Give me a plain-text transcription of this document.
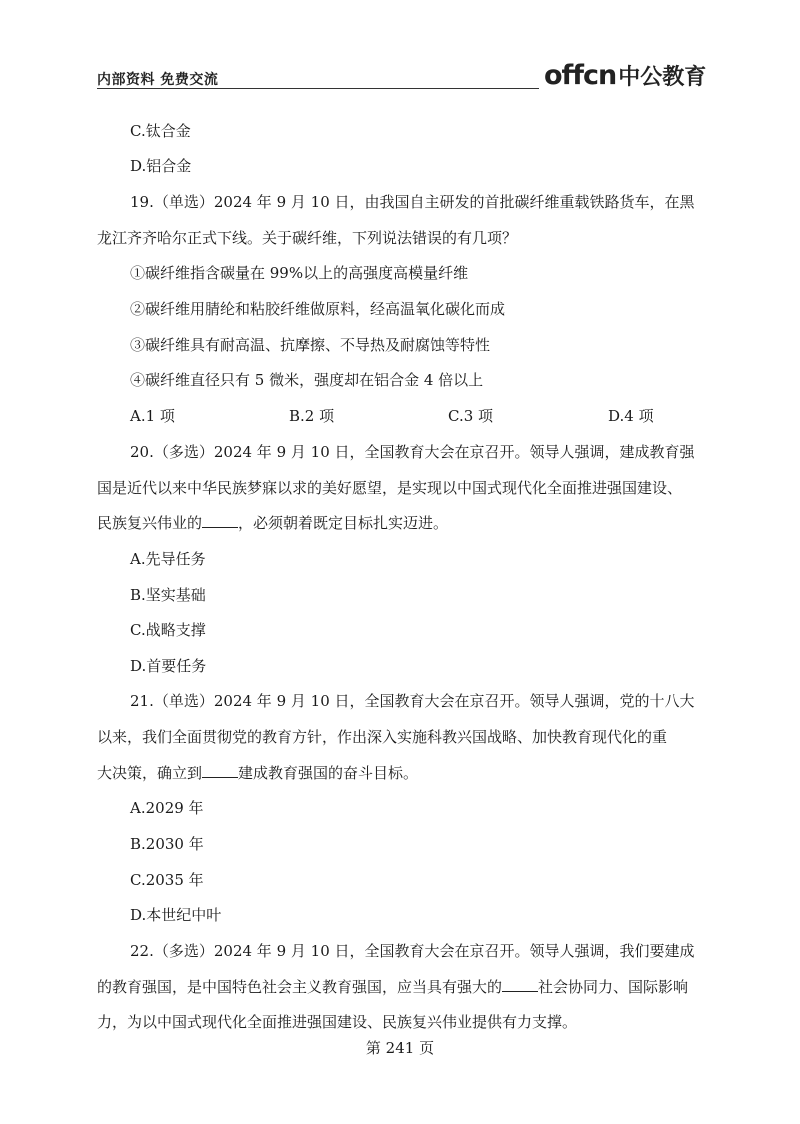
内部资料 免费交流	offcn中公教育
C.钛合金
D.铝合金
19.（单选）2024 年 9 月 10 日，由我国自主研发的首批碳纤维重载铁路货车，在黑
龙江齐齐哈尔正式下线。关于碳纤维，下列说法错误的有几项？
①碳纤维指含碳量在 99%以上的高强度高模量纤维
②碳纤维用腈纶和粘胶纤维做原料，经高温氧化碳化而成
③碳纤维具有耐高温、抗摩擦、不导热及耐腐蚀等特性
④碳纤维直径只有 5 微米，强度却在铝合金 4 倍以上
A.1 项	B.2 项	C.3 项	D.4 项
20.（多选）2024 年 9 月 10 日，全国教育大会在京召开。领导人强调，建成教育强
国是近代以来中华民族梦寐以求的美好愿望，是实现以中国式现代化全面推进强国建设、
民族复兴伟业的 ，必须朝着既定目标扎实迈进。
A.先导任务
B.坚实基础
C.战略支撑
D.首要任务
21.（单选）2024 年 9 月 10 日，全国教育大会在京召开。领导人强调，党的十八大
以来，我们全面贯彻党的教育方针，作出深入实施科教兴国战略、加快教育现代化的重
大决策，确立到 建成教育强国的奋斗目标。
A.2029 年
B.2030 年
C.2035 年
D.本世纪中叶
22.（多选）2024 年 9 月 10 日，全国教育大会在京召开。领导人强调，我们要建成
的教育强国，是中国特色社会主义教育强国，应当具有强大的 社会协同力、国际影响
力，为以中国式现代化全面推进强国建设、民族复兴伟业提供有力支撑。
第 241 页
